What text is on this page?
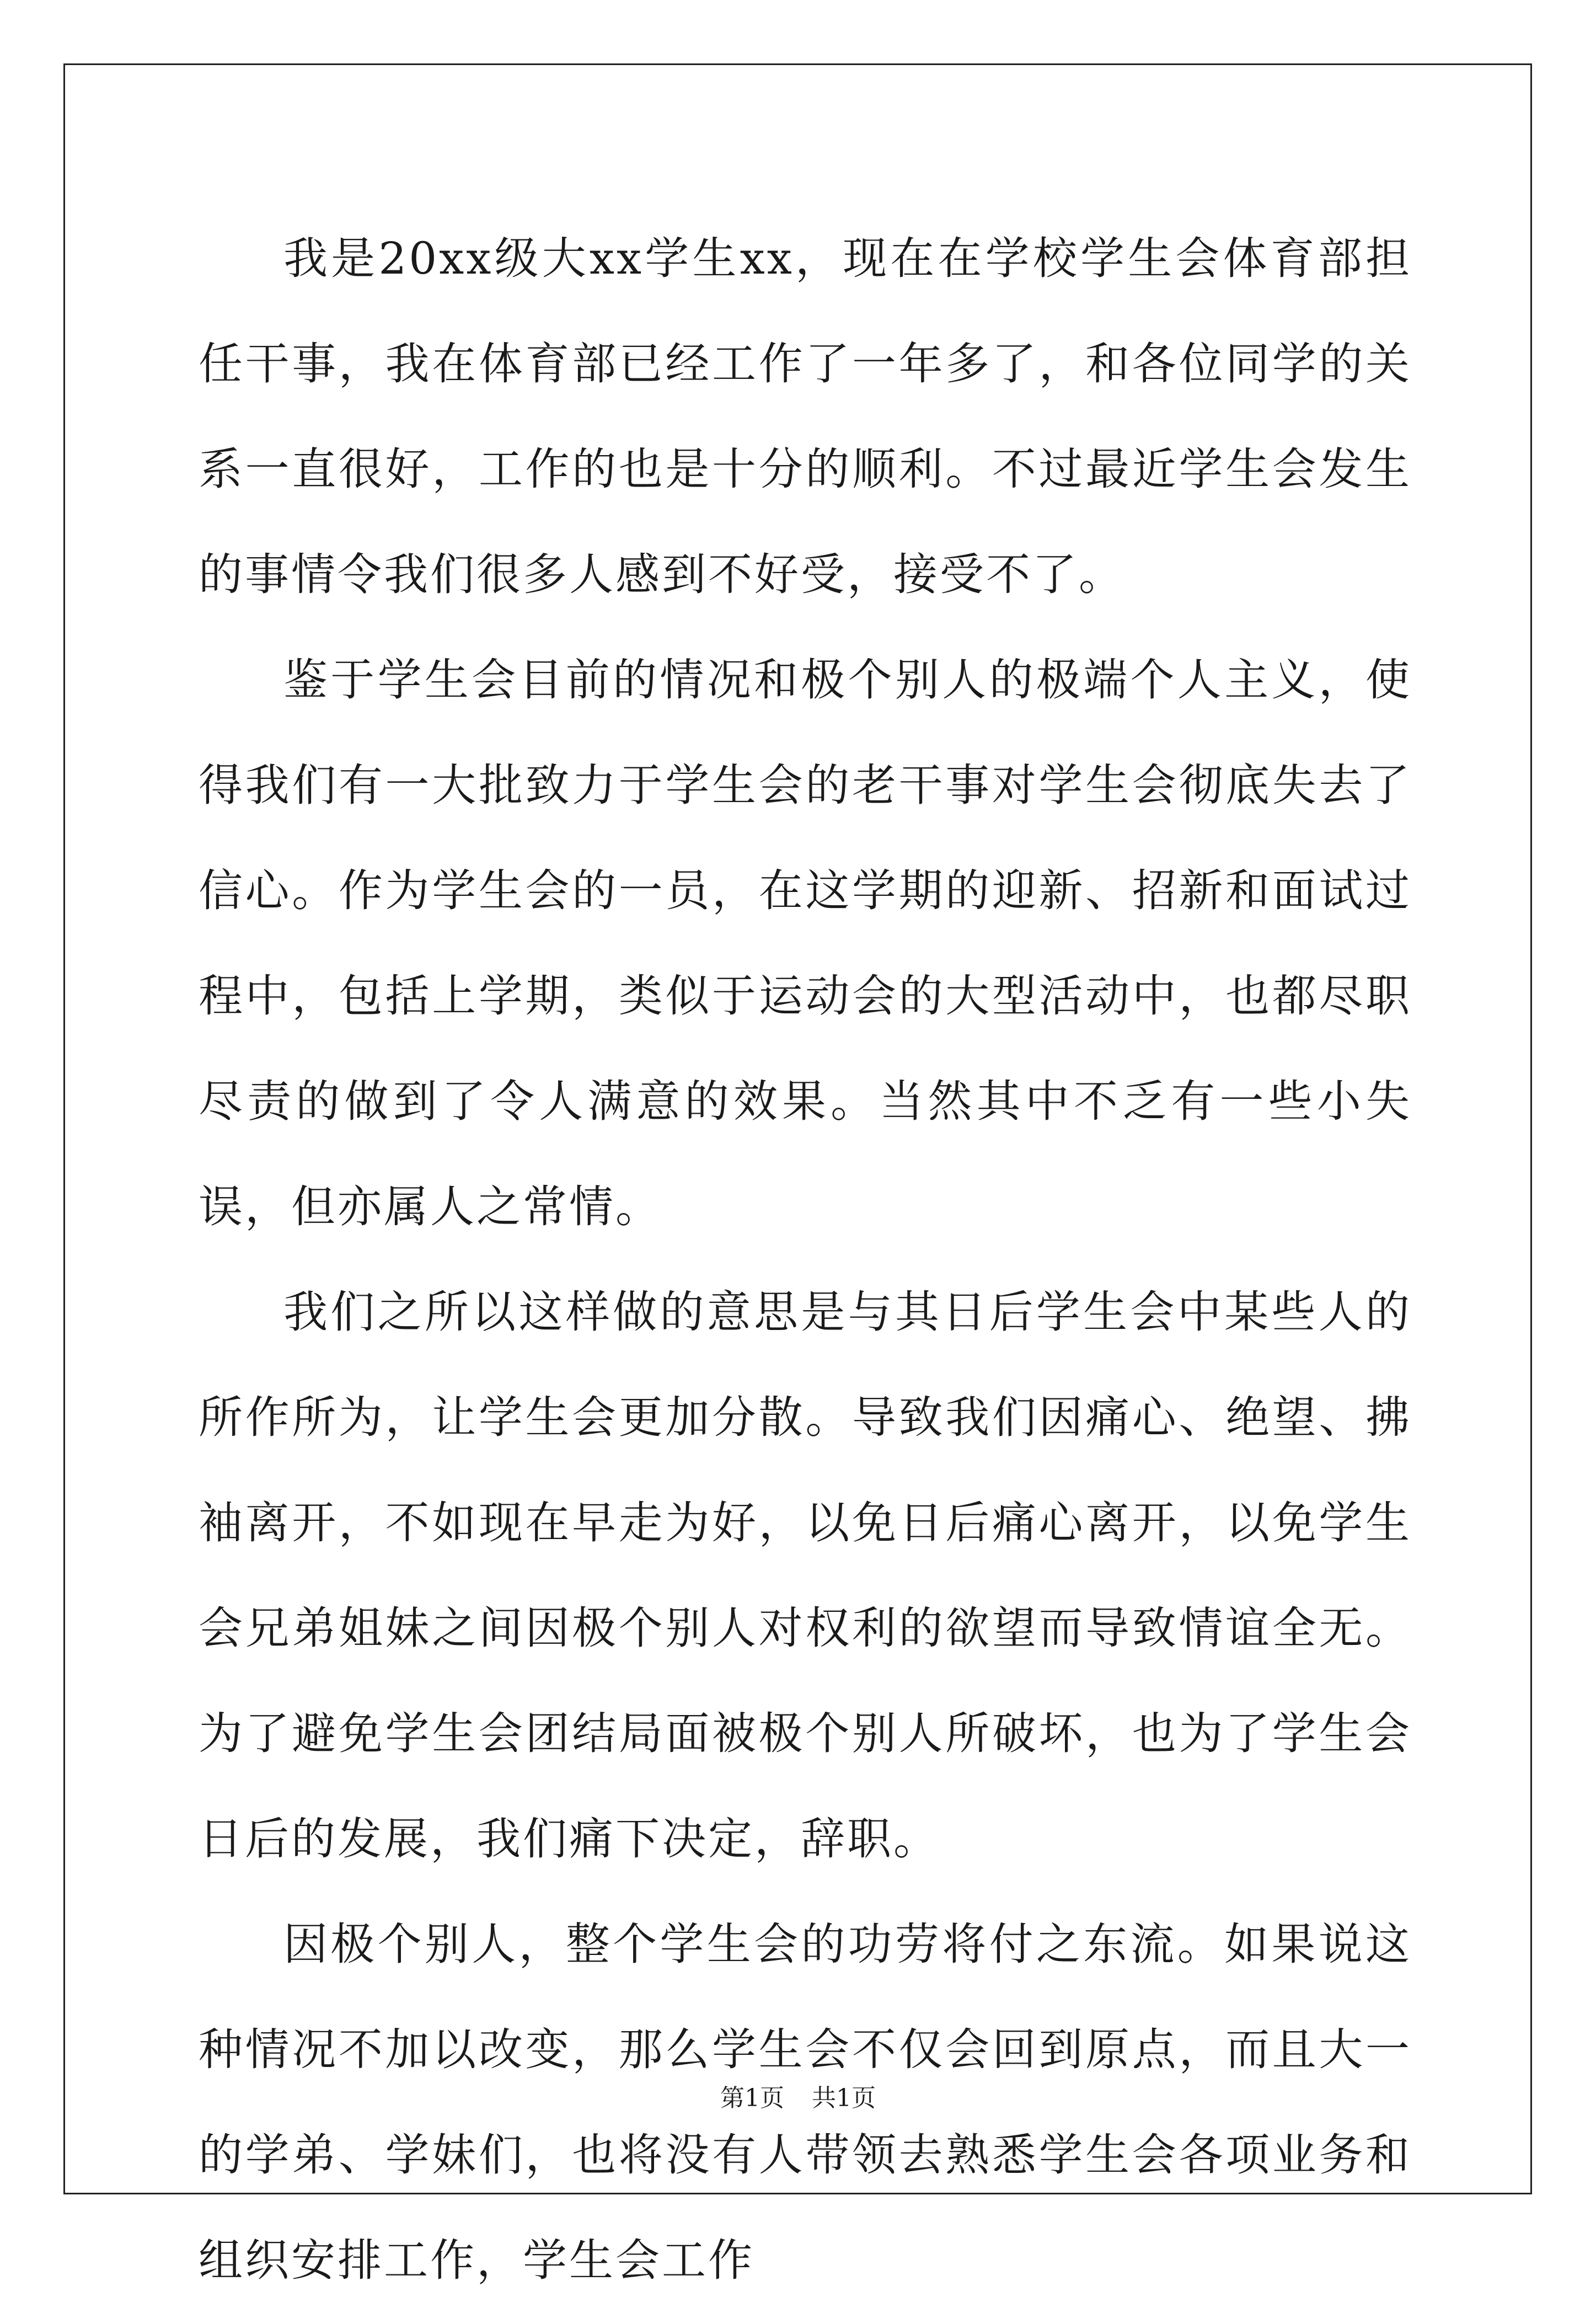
我是20xx级大xx学生xx，现在在学校学生会体育部担任干事，我在体育部已经工作了一年多了，和各位同学的关系一直很好，工作的也是十分的顺利。不过最近学生会发生的事情令我们很多人感到不好受，接受不了。

鉴于学生会目前的情况和极个别人的极端个人主义，使得我们有一大批致力于学生会的老干事对学生会彻底失去了信心。作为学生会的一员，在这学期的迎新、招新和面试过程中，包括上学期，类似于运动会的大型活动中，也都尽职尽责的做到了令人满意的效果。当然其中不乏有一些小失误，但亦属人之常情。

我们之所以这样做的意思是与其日后学生会中某些人的所作所为，让学生会更加分散。导致我们因痛心、绝望、拂袖离开，不如现在早走为好，以免日后痛心离开，以免学生会兄弟姐妹之间因极个别人对权利的欲望而导致情谊全无。为了避免学生会团结局面被极个别人所破坏，也为了学生会日后的发展，我们痛下决定，辞职。

因极个别人，整个学生会的功劳将付之东流。如果说这种情况不加以改变，那么学生会不仅会回到原点，而且大一的学弟、学妹们，也将没有人带领去熟悉学生会各项业务和组织安排工作，学生会工作

第1页 共1页
